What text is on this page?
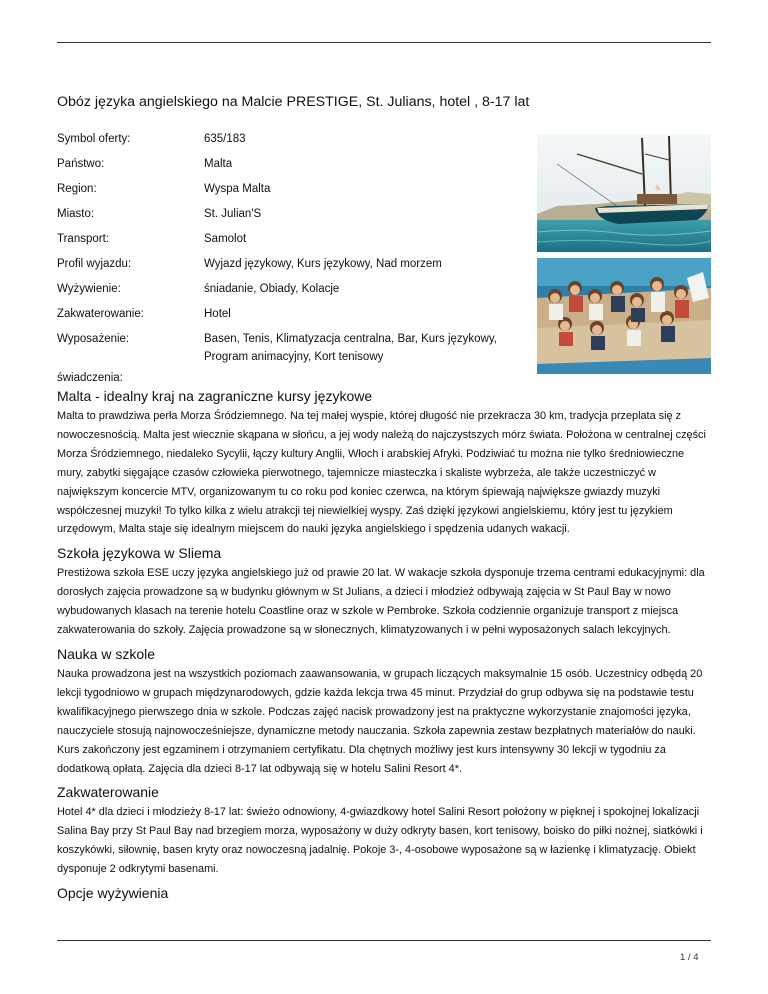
Obóz języka angielskiego na Malcie PRESTIGE, St. Julians, hotel , 8-17 lat
Symbol oferty:	635/183
Państwo:	Malta
Region:	Wyspa Malta
Miasto:	St. Julian'S
Transport:	Samolot
Profil wyjazdu:	Wyjazd językowy, Kurs językowy, Nad morzem
Wyżywienie:	śniadanie, Obiady, Kolacje
Zakwaterowanie:	Hotel
Wyposażenie:	Basen, Tenis, Klimatyzacja centralna, Bar, Kurs językowy, Program animacyjny, Kort tenisowy
świadczenia:
Malta - idealny kraj na zagraniczne kursy językowe

Malta to prawdziwa perła Morza Śródziemnego. Na tej małej wyspie, której długość nie przekracza 30 km, tradycja przeplata się z nowoczesnością. Malta jest wiecznie skąpana w słońcu, a jej wody należą do najczystszych mórz świata. Położona w centralnej części Morza Śródziemnego, niedaleko Sycylii, łączy kultury Anglii, Włoch i arabskiej Afryki. Podziwiać tu można nie tylko średniowieczne mury, zabytki sięgające czasów człowieka pierwotnego, tajemnicze miasteczka i skaliste wybrzeża, ale także uczestniczyć w największym koncercie MTV, organizowanym tu co roku pod koniec czerwca, na którym śpiewają największe gwiazdy muzyki współczesnej muzyki! To tylko kilka z wielu atrakcji tej niewielkiej wyspy. Zaś dzięki językowi angielskiemu, który jest tu językiem urzędowym, Malta staje się idealnym miejscem do nauki języka angielskiego i spędzenia udanych wakacji.

Szkoła językowa w Sliema

Prestiżowa szkoła ESE uczy języka angielskiego już od prawie 20 lat. W wakacje szkoła dysponuje trzema centrami edukacyjnymi: dla dorosłych zajęcia prowadzone są w budynku głównym w St Julians, a dzieci i młodzież odbywają zajęcia w St Paul Bay w nowo wybudowanych klasach na terenie hotelu Coastline oraz w szkole w Pembroke. Szkoła codziennie organizuje transport z miejsca zakwaterowania do szkoły. Zajęcia prowadzone są w słonecznych, klimatyzowanych i w pełni wyposażonych salach lekcyjnych.

Nauka w szkole

Nauka prowadzona jest na wszystkich poziomach zaawansowania, w grupach liczących maksymalnie 15 osób. Uczestnicy odbędą 20 lekcji tygodniowo w grupach międzynarodowych, gdzie każda lekcja trwa 45 minut. Przydział do grup odbywa się na podstawie testu kwalifikacyjnego pierwszego dnia w szkole. Podczas zajęć nacisk prowadzony jest na praktyczne wykorzystanie znajomości języka, nauczyciele stosują najnowocześniejsze, dynamiczne metody nauczania. Szkoła zapewnia zestaw bezpłatnych materiałów do nauki. Kurs zakończony jest egzaminem i otrzymaniem certyfikatu. Dla chętnych możliwy jest kurs intensywny 30 lekcji w tygodniu za dodatkową opłatą. Zajęcia dla dzieci 8-17 lat odbywają się w hotelu Salini Resort 4*.

Zakwaterowanie

Hotel 4* dla dzieci i młodzieży 8-17 lat: świeżo odnowiony, 4-gwiazdkowy hotel Salini Resort położony w pięknej i spokojnej lokalizacji Salina Bay przy St Paul Bay nad brzegiem morza, wyposażony w duży odkryty basen, kort tenisowy, boisko do piłki nożnej, siatkówki i koszykówki, siłownię, basen kryty oraz nowoczesną jadalnię. Pokoje 3-, 4-osobowe wyposażone są w łazienkę i klimatyzację. Obiekt dysponuje 2 odkrytymi basenami.

Opcje wyżywienia
1 / 4
